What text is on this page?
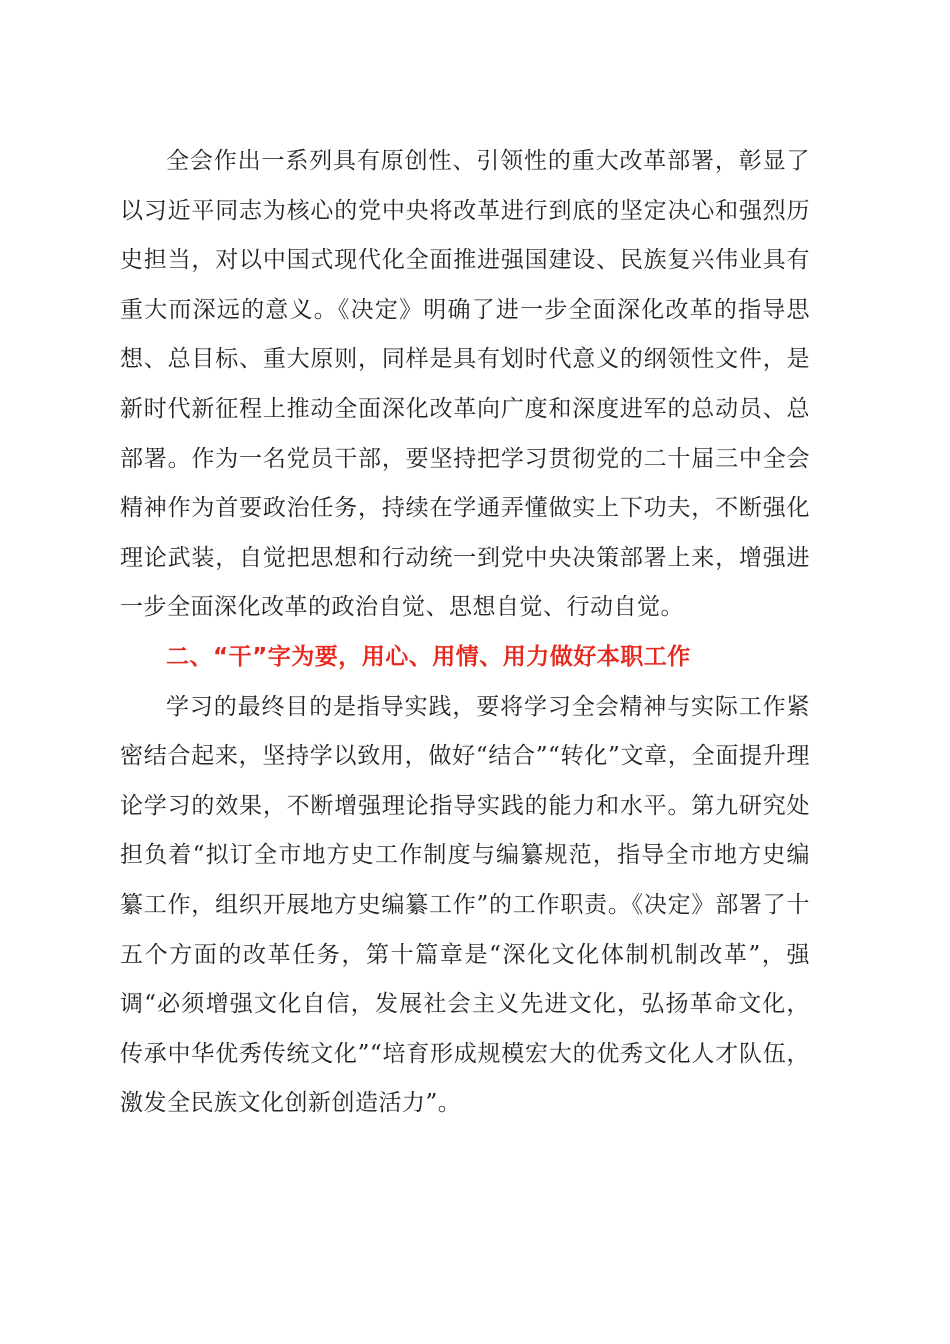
全会作出一系列具有原创性、引领性的重大改革部署，彰显了以习近平同志为核心的党中央将改革进行到底的坚定决心和强烈历史担当，对以中国式现代化全面推进强国建设、民族复兴伟业具有重大而深远的意义。《决定》明确了进一步全面深化改革的指导思想、总目标、重大原则，同样是具有划时代意义的纲领性文件，是新时代新征程上推动全面深化改革向广度和深度进军的总动员、总部署。作为一名党员干部，要坚持把学习贯彻党的二十届三中全会精神作为首要政治任务，持续在学通弄懂做实上下功夫，不断强化理论武装，自觉把思想和行动统一到党中央决策部署上来，增强进一步全面深化改革的政治自觉、思想自觉、行动自觉。

二、“干”字为要，用心、用情、用力做好本职工作

学习的最终目的是指导实践，要将学习全会精神与实际工作紧密结合起来，坚持学以致用，做好“结合”“转化”文章，全面提升理论学习的效果，不断增强理论指导实践的能力和水平。第九研究处担负着“拟订全市地方史工作制度与编纂规范，指导全市地方史编纂工作，组织开展地方史编纂工作”的工作职责。《决定》部署了十五个方面的改革任务，第十篇章是“深化文化体制机制改革”，强调“必须增强文化自信，发展社会主义先进文化，弘扬革命文化，传承中华优秀传统文化”“培育形成规模宏大的优秀文化人才队伍，激发全民族文化创新创造活力”。
